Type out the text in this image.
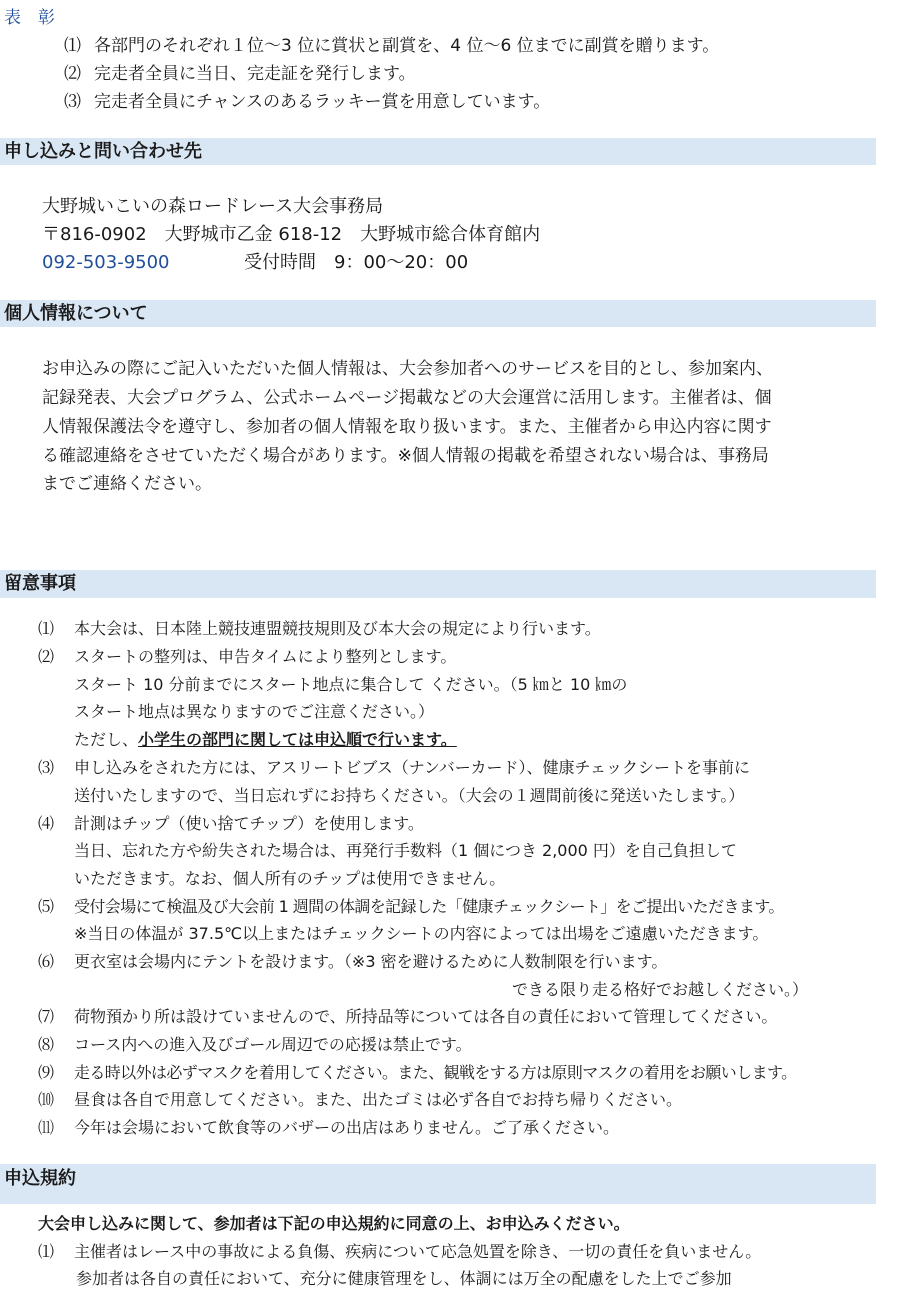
表　彰
⑴ 各部門のそれぞれ１位～3 位に賞状と副賞を、4 位～6 位までに副賞を贈ります。
⑵ 完走者全員に当日、完走証を発行します。
⑶ 完走者全員にチャンスのあるラッキー賞を用意しています。
申し込みと問い合わせ先
大野城いこいの森ロードレース大会事務局
〒816-0902　大野城市乙金 618-12　大野城市総合体育館内
092-503-9500	受付時間　9：00～20：00
個人情報について
お申込みの際にご記入いただいた個人情報は、大会参加者へのサービスを目的とし、参加案内、
記録発表、大会プログラム、公式ホームページ掲載などの大会運営に活用します。主催者は、個
人情報保護法令を遵守し、参加者の個人情報を取り扱います。また、主催者から申込内容に関す
る確認連絡をさせていただく場合があります。※個人情報の掲載を希望されない場合は、事務局
までご連絡ください。
留意事項
⑴ 本大会は、日本陸上競技連盟競技規則及び本大会の規定により行います。
⑵ スタートの整列は、申告タイムにより整列とします。
スタート 10 分前までにスタート地点に集合して ください。（5 ㎞と 10 ㎞の
スタート地点は異なりますのでご注意ください。）
ただし、小学生の部門に関しては申込順で行います。
⑶ 申し込みをされた方には、アスリートビブス（ナンバーカード）、健康チェックシートを事前に
送付いたしますので、当日忘れずにお持ちください。（大会の１週間前後に発送いたします。）
⑷ 計測はチップ（使い捨てチップ）を使用します。
当日、忘れた方や紛失された場合は、再発行手数料（1 個につき 2,000 円）を自己負担して
いただきます。なお、個人所有のチップは使用できません。
⑸ 受付会場にて検温及び大会前 1 週間の体調を記録した「健康チェックシート」をご提出いただきます。
※当日の体温が 37.5℃以上またはチェックシートの内容によっては出場をご遠慮いただきます。
⑹ 更衣室は会場内にテントを設けます。（※3 密を避けるために人数制限を行います。
できる限り走る格好でお越しください。）
⑺ 荷物預かり所は設けていませんので、所持品等については各自の責任において管理してください。
⑻ コース内への進入及びゴール周辺での応援は禁止です。
⑼ 走る時以外は必ずマスクを着用してください。また、観戦をする方は原則マスクの着用をお願いします。
⑽ 昼食は各自で用意してください。また、出たゴミは必ず各自でお持ち帰りください。
⑾ 今年は会場において飲食等のバザーの出店はありません。ご了承ください。
申込規約
大会申し込みに関して、参加者は下記の申込規約に同意の上、お申込みください。
⑴ 主催者はレース中の事故による負傷、疾病について応急処置を除き、一切の責任を負いません。
参加者は各自の責任において、充分に健康管理をし、体調には万全の配慮をした上でご参加
